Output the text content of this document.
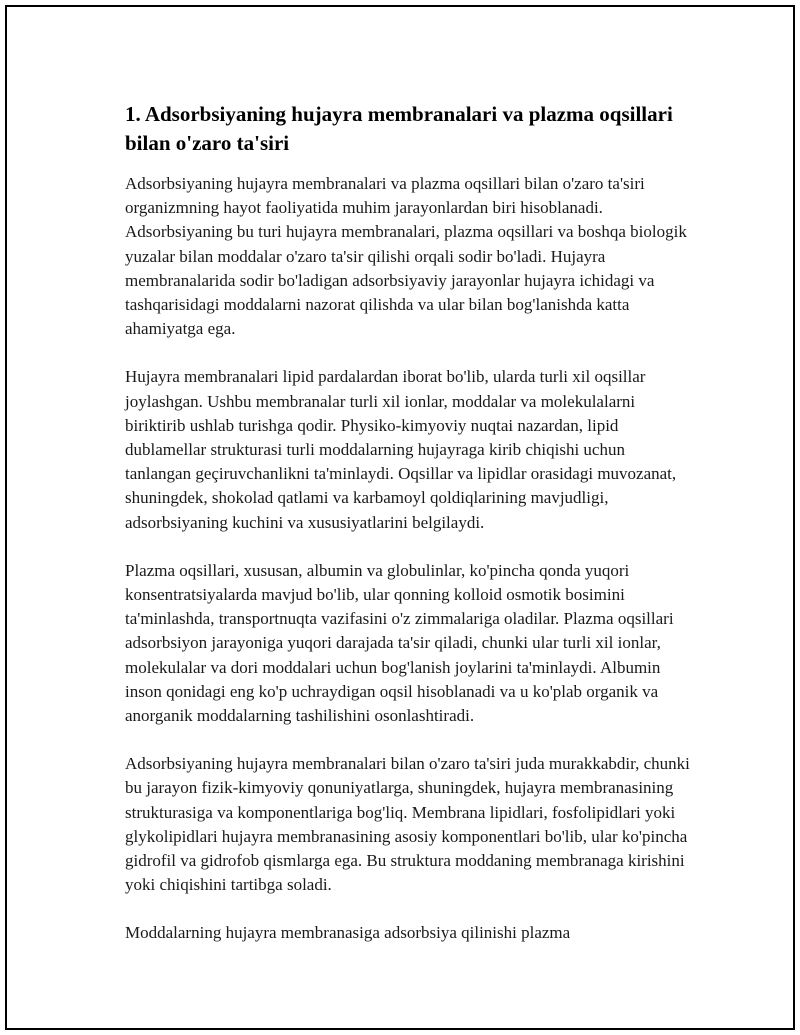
1. Adsorbsiyaning hujayra membranalari va plazma oqsillari bilan o'zaro ta'siri

Adsorbsiyaning hujayra membranalari va plazma oqsillari bilan o'zaro ta'siri organizmning hayot faoliyatida muhim jarayonlardan biri hisoblanadi. Adsorbsiyaning bu turi hujayra membranalari, plazma oqsillari va boshqa biologik yuzalar bilan moddalar o'zaro ta'sir qilishi orqali sodir bo'ladi. Hujayra membranalarida sodir bo'ladigan adsorbsiyaviy jarayonlar hujayra ichidagi va tashqarisidagi moddalarni nazorat qilishda va ular bilan bog'lanishda katta ahamiyatga ega.

Hujayra membranalari lipid pardalardan iborat bo'lib, ularda turli xil oqsillar joylashgan. Ushbu membranalar turli xil ionlar, moddalar va molekulalarni biriktirib ushlab turishga qodir. Physiko-kimyoviy nuqtai nazardan, lipid dublamellar strukturasi turli moddalarning hujayraga kirib chiqishi uchun tanlangan geçiruvchanlikni ta'minlaydi. Oqsillar va lipidlar orasidagi muvozanat, shuningdek, shokolad qatlami va karbamoyl qoldiqlarining mavjudligi, adsorbsiyaning kuchini va xususiyatlarini belgilaydi.

Plazma oqsillari, xususan, albumin va globulinlar, ko'pincha qonda yuqori konsentratsiyalarda mavjud bo'lib, ular qonning kolloid osmotik bosimini ta'minlashda, transportnuqta vazifasini o'z zimmalariga oladilar. Plazma oqsillari adsorbsiyon jarayoniga yuqori darajada ta'sir qiladi, chunki ular turli xil ionlar, molekulalar va dori moddalari uchun bog'lanish joylarini ta'minlaydi. Albumin inson qonidagi eng ko'p uchraydigan oqsil hisoblanadi va u ko'plab organik va anorganik moddalarning tashilishini osonlashtiradi.

Adsorbsiyaning hujayra membranalari bilan o'zaro ta'siri juda murakkabdir, chunki bu jarayon fizik-kimyoviy qonuniyatlarga, shuningdek, hujayra membranasining strukturasiga va komponentlariga bog'liq. Membrana lipidlari, fosfolipidlari yoki glykolipidlari hujayra membranasining asosiy komponentlari bo'lib, ular ko'pincha gidrofil va gidrofob qismlarga ega. Bu struktura moddaning membranaga kirishini yoki chiqishini tartibga soladi.

Moddalarning hujayra membranasiga adsorbsiya qilinishi plazma
